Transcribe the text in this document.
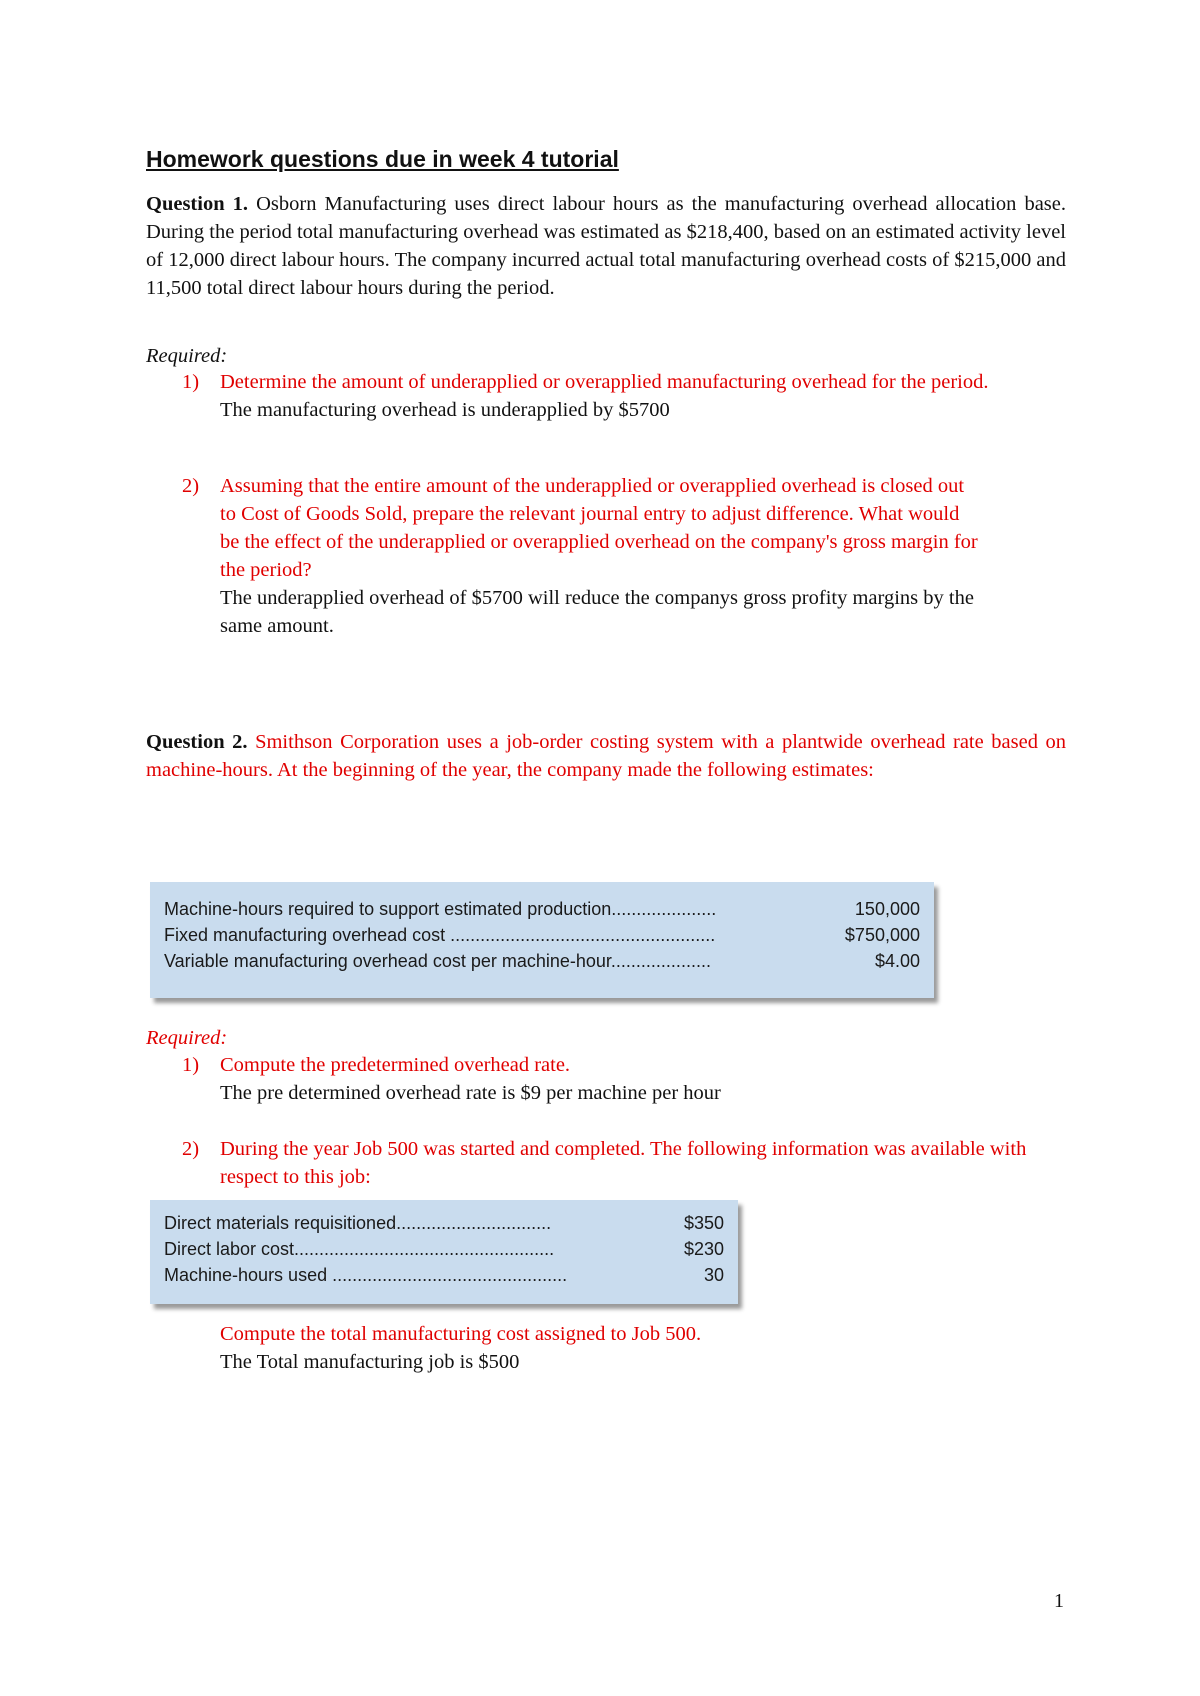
Homework questions due in week 4 tutorial

Question 1. Osborn Manufacturing uses direct labour hours as the manufacturing overhead allocation base. During the period total manufacturing overhead was estimated as $218,400, based on an estimated activity level of 12,000 direct labour hours. The company incurred actual total manufacturing overhead costs of $215,000 and 11,500 total direct labour hours during the period.

Required:

1) Determine the amount of underapplied or overapplied manufacturing overhead for the period.
The manufacturing overhead is underapplied by $5700
2) Assuming that the entire amount of the underapplied or overapplied overhead is closed out to Cost of Goods Sold, prepare the relevant journal entry to adjust difference. What would be the effect of the underapplied or overapplied overhead on the company's gross margin for the period?
The underapplied overhead of $5700 will reduce the companys gross profity margins by the same amount.

Question 2. Smithson Corporation uses a job-order costing system with a plantwide overhead rate based on machine-hours. At the beginning of the year, the company made the following estimates:

Machine-hours required to support estimated production.....................	150,000
Fixed manufacturing overhead cost .....................................................	$750,000
Variable manufacturing overhead cost per machine-hour....................	$4.00

Required:

1) Compute the predetermined overhead rate.
The pre determined overhead rate is $9 per machine per hour
2) During the year Job 500 was started and completed. The following information was available with respect to this job:
Direct materials requisitioned...............................	$350
Direct labor cost....................................................	$230
Machine-hours used ...............................................	30
Compute the total manufacturing cost assigned to Job 500.
The Total manufacturing job is $500
1
